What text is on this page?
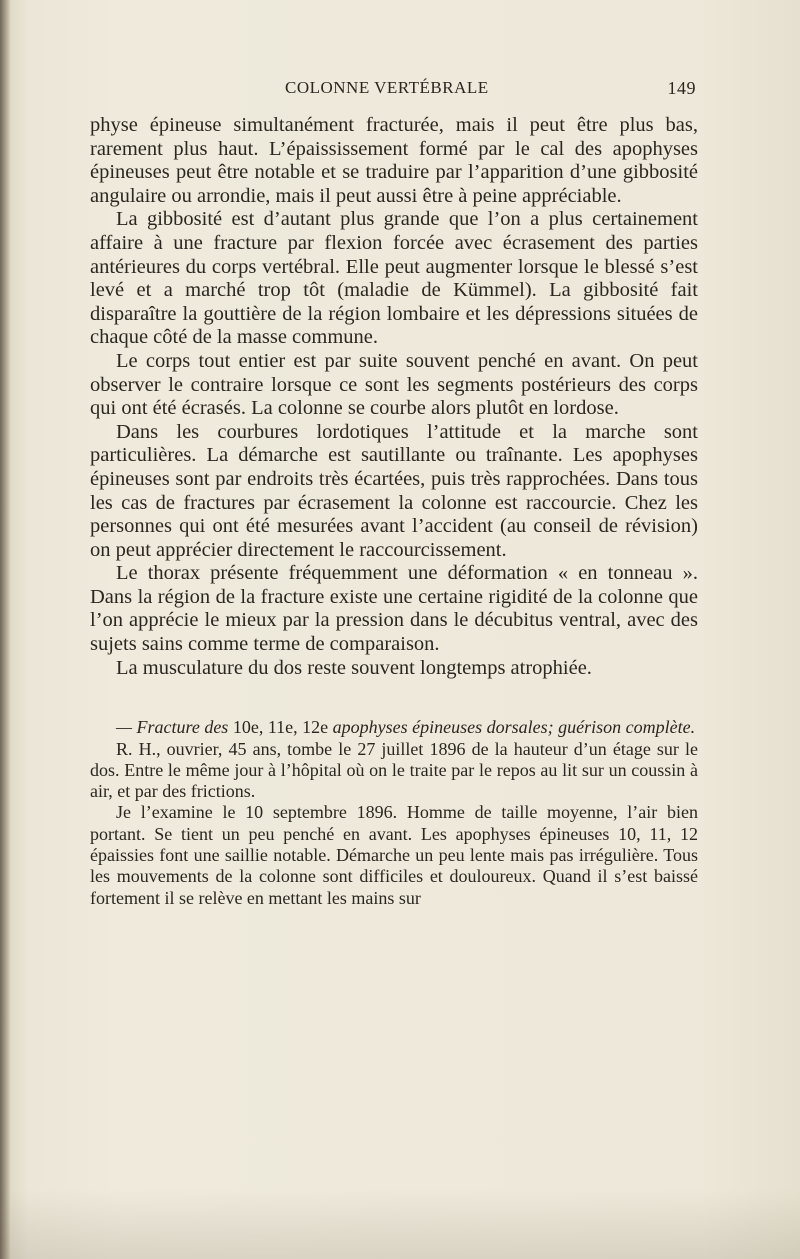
COLONNE VERTÉBRALE	149

physe épineuse simultanément fracturée, mais il peut être plus bas, rarement plus haut. L’épaississement formé par le cal des apophyses épineuses peut être notable et se traduire par l’apparition d’une gibbosité angulaire ou arrondie, mais il peut aussi être à peine appréciable.

La gibbosité est d’autant plus grande que l’on a plus certainement affaire à une fracture par flexion forcée avec écrasement des parties antérieures du corps vertébral. Elle peut augmenter lorsque le blessé s’est levé et a marché trop tôt (maladie de Kümmel). La gibbosité fait disparaître la gouttière de la région lombaire et les dépressions situées de chaque côté de la masse commune.

Le corps tout entier est par suite souvent penché en avant. On peut observer le contraire lorsque ce sont les segments postérieurs des corps qui ont été écrasés. La colonne se courbe alors plutôt en lordose.

Dans les courbures lordotiques l’attitude et la marche sont particulières. La démarche est sautillante ou traînante. Les apophyses épineuses sont par endroits très écartées, puis très rapprochées. Dans tous les cas de fractures par écrasement la colonne est raccourcie. Chez les personnes qui ont été mesurées avant l’accident (au conseil de révision) on peut apprécier directement le raccourcissement.

Le thorax présente fréquemment une déformation « en tonneau ». Dans la région de la fracture existe une certaine rigidité de la colonne que l’on apprécie le mieux par la pression dans le décubitus ventral, avec des sujets sains comme terme de comparaison.

La musculature du dos reste souvent longtemps atrophiée.

— Fracture des 10e, 11e, 12e apophyses épineuses dorsales; guérison complète.

R. H., ouvrier, 45 ans, tombe le 27 juillet 1896 de la hauteur d’un étage sur le dos. Entre le même jour à l’hôpital où on le traite par le repos au lit sur un coussin à air, et par des frictions.

Je l’examine le 10 septembre 1896. Homme de taille moyenne, l’air bien portant. Se tient un peu penché en avant. Les apophyses épineuses 10, 11, 12 épaissies font une saillie notable. Démarche un peu lente mais pas irrégulière. Tous les mouvements de la colonne sont difficiles et douloureux. Quand il s’est baissé fortement il se relève en mettant les mains sur
